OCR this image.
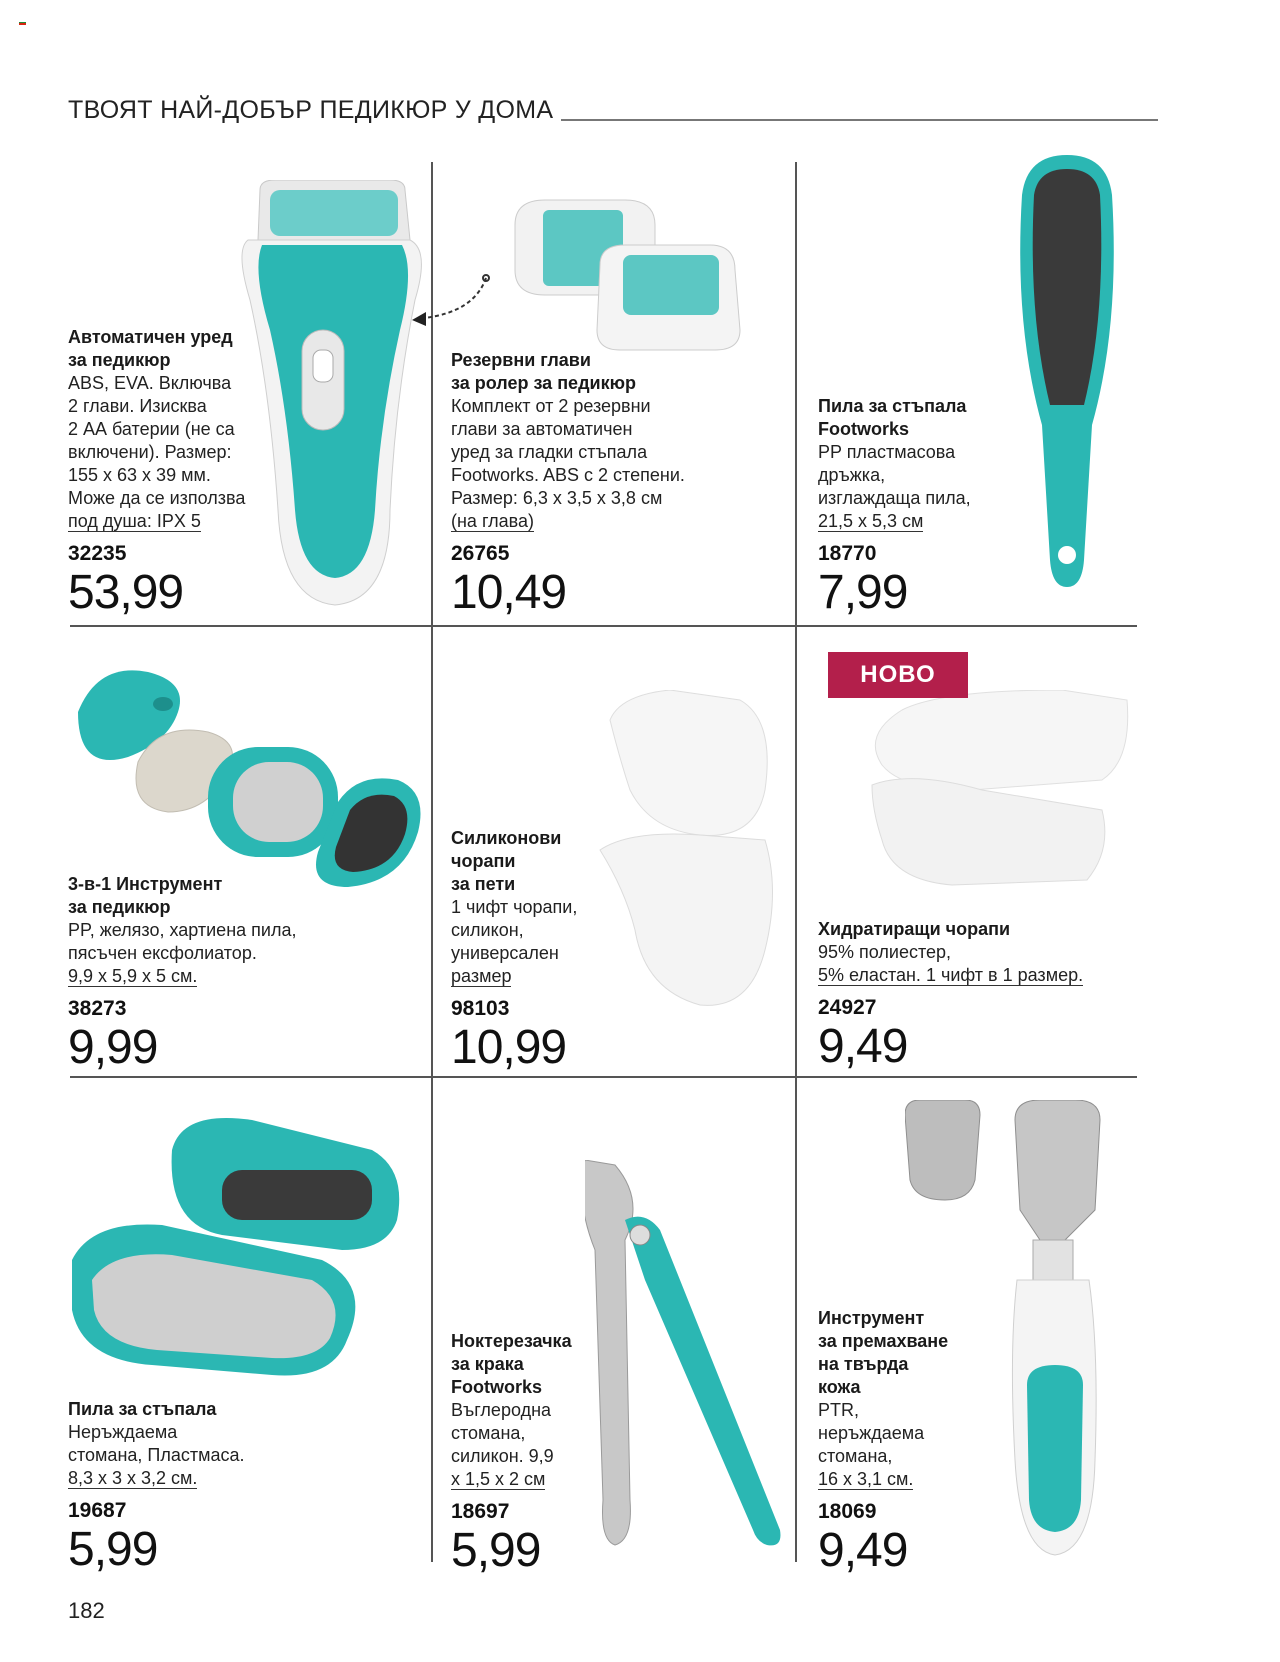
ТВОЯТ НАЙ-ДОБЪР ПЕДИКЮР У ДОМА
Автоматичен уред
за педикюр
ABS, EVA. Включва
2 глави. Изисква
2 АА батерии (не са
включени). Размер:
155 х 63 х 39 мм.
Може да се използва
под душа: IPX 5
32235
53,99
Резервни глави
за ролер за педикюр
Комплект от 2 резервни
глави за автоматичен
уред за гладки стъпала
Footworks. ABS с 2 степени.
Размер: 6,3 х 3,5 х 3,8 см
(на глава)
26765
10,49
Пила за стъпала
Footworks
PP пластмасова
дръжка,
изглаждаща пила,
21,5 х 5,3 см
18770
7,99
3-в-1 Инструмент
за педикюр
PP, желязо, хартиена пила,
пясъчен ексфолиатор.
9,9 х 5,9 х 5 см.
38273
9,99
Силиконови
чорапи
за пети
1 чифт чорапи,
силикон,
универсален
размер
98103
10,99
Хидратиращи чорапи
95% полиестер,
5% еластан. 1 чифт в 1 размер.
24927
9,49
Пила за стъпала
Неръждаема
стомана, Пластмаса.
8,3 х 3 х 3,2 см.
19687
5,99
Ноктерезачка
за крака
Footworks
Въглеродна
стомана,
силикон. 9,9
х 1,5 х 2 см
18697
5,99
Инструмент
за премахване
на твърда
кожа
PTR,
неръждаема
стомана,
16 х 3,1 см.
18069
9,49
НОВО
182
